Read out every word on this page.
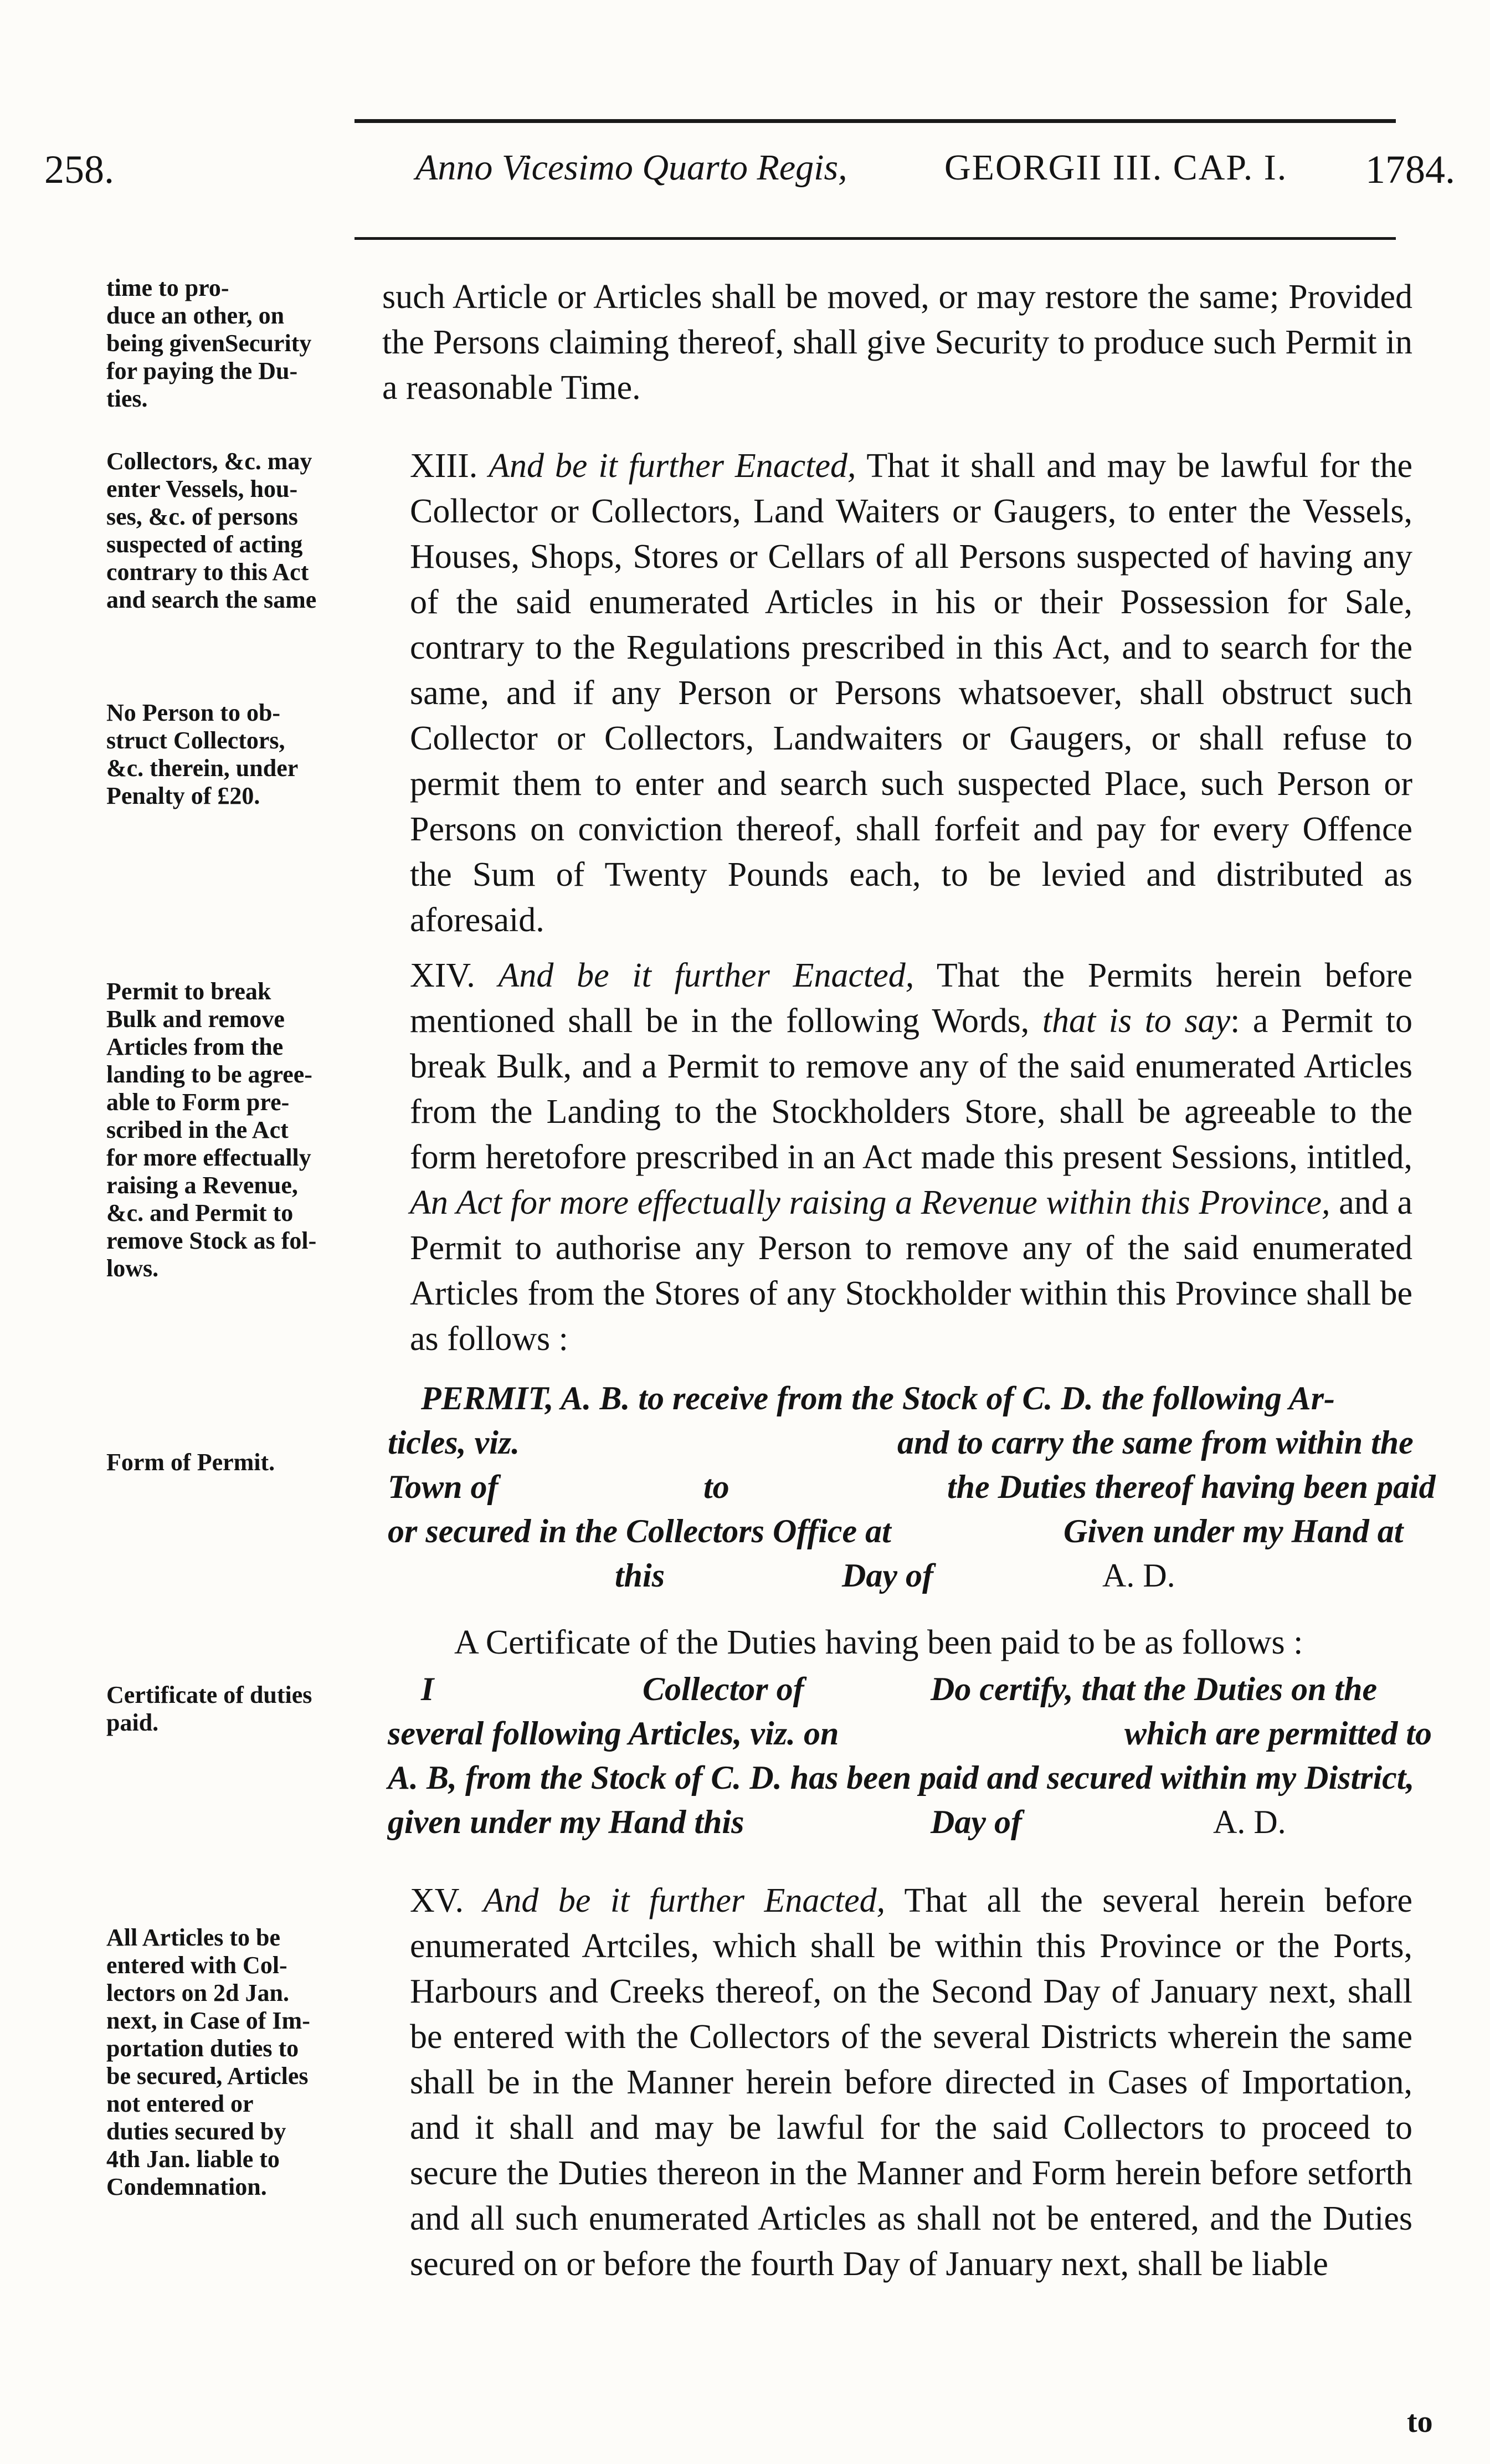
258.	Anno Vicesimo Quarto Regis,	GEORGII III. CAP. I. 1784.

time to pro-

duce an other, on

being givenSecurity

for paying the Du-

ties.

Collectors, &c. may

enter Vessels, hou-

ses, &c. of persons

suspected of acting

contrary to this Act

and search the same

No Person to ob-

struct Collectors,

&c. therein, under

Penalty of £20.

Permit to break

Bulk and remove

Articles from the

landing to be agree-

able to Form pre-

scribed in the Act

for more effectually

raising a Revenue,

&c. and Permit to

remove Stock as fol-

lows.

Form of Permit.

Certificate of duties

paid.

All Articles to be

entered with Col-

lectors on 2d Jan.

next, in Case of Im-

portation duties to

be secured, Articles

not entered or

duties secured by

4th Jan. liable to

Condemnation.

such Article or Articles shall be moved, or may restore the same; Provided the Persons claiming thereof, shall give Security to produce such Permit in a reasonable Time.

XIII. And be it further Enacted, That it shall and may be lawful for the Collector or Collectors, Land Waiters or Gaugers, to enter the Vessels, Houses, Shops, Stores or Cellars of all Persons suspected of having any of the said enumerated Articles in his or their Possession for Sale, contrary to the Regulations prescribed in this Act, and to search for the same, and if any Person or Persons whatsoever, shall obstruct such Collector or Collectors, Landwaiters or Gaugers, or shall refuse to permit them to enter and search such suspected Place, such Person or Persons on conviction thereof, shall forfeit and pay for every Offence the Sum of Twenty Pounds each, to be levied and distributed as aforesaid.

XIV. And be it further Enacted, That the Permits herein before mentioned shall be in the following Words, that is to say: a Permit to break Bulk, and a Permit to remove any of the said enumerated Articles from the Landing to the Stockholders Store, shall be agreeable to the form heretofore prescribed in an Act made this present Sessions, intitled, An Act for more effectually raising a Revenue within this Province, and a Permit to authorise any Person to remove any of the said enumerated Articles from the Stores of any Stockholder within this Province shall be as follows :

PERMIT, A. B. to receive from the Stock of C. D. the following Ar-
ticles, viz.	and to carry the same from within the
Town of	to	the Duties thereof having been paid
or secured in the Collectors Office at	Given under my Hand at
this	Day of	A. D.
A Certificate of the Duties having been paid to be as follows :
I	Collector of	Do certify, that the Duties on the
several following Articles, viz. on	which are permitted to
A. B, from the Stock of C. D. has been paid and secured within my District,
given under my Hand this	Day of	A. D.

XV. And be it further Enacted, That all the several herein before enumerated Artciles, which shall be within this Province or the Ports, Harbours and Creeks thereof, on the Second Day of January next, shall be entered with the Collectors of the several Districts wherein the same shall be in the Manner herein before directed in Cases of Importation, and it shall and may be lawful for the said Collectors to proceed to secure the Duties thereon in the Manner and Form herein before setforth and all such enumerated Articles as shall not be entered, and the Duties secured on or before the fourth Day of January next, shall be liable

to
